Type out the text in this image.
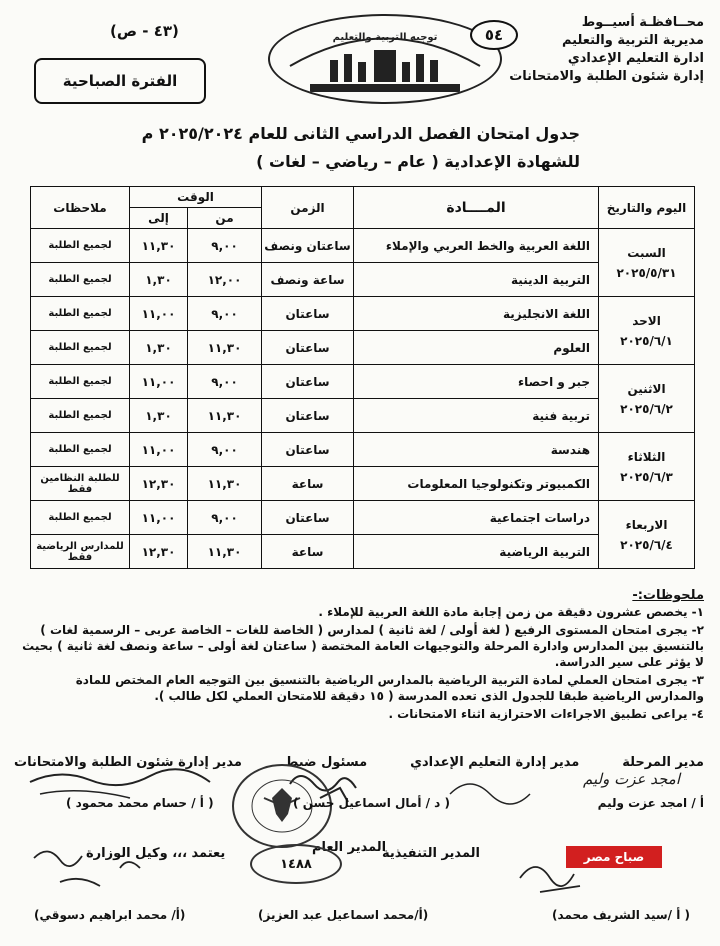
محــافظـة أسيــوط
مديرية التربية والتعليم
ادارة التعليم الإعدادي
إدارة شئون الطلبة والامتحانات
توجيه التربية والتعليم	٥٤
(٤٣ - ص)
الفترة الصباحية
جدول امتحان الفصل الدراسي الثانى للعام ٢٠٢٥/٢٠٢٤ م
للشهادة الإعدادية ( عام – رياضي – لغات )
اليوم والتاريخ	المــــادة	الزمن	الوقت		ملاحظات
			من	إلى	

السبت
٢٠٢٥/٥/٣١	اللغة العربية والخط العربي والإملاء	ساعتان ونصف	٩,٠٠	١١,٣٠	لجميع الطلبة
	التربية الدينية	ساعة ونصف	١٢,٠٠	١,٣٠	لجميع الطلبة

الاحد
٢٠٢٥/٦/١	اللغة الانجليزية	ساعتان	٩,٠٠	١١,٠٠	لجميع الطلبة
	العلوم	ساعتان	١١,٣٠	١,٣٠	لجميع الطلبة

الاثنين
٢٠٢٥/٦/٢	جبر و احصاء	ساعتان	٩,٠٠	١١,٠٠	لجميع الطلبة
	تربية فنية	ساعتان	١١,٣٠	١,٣٠	لجميع الطلبة

الثلاثاء
٢٠٢٥/٦/٣	هندسة	ساعتان	٩,٠٠	١١,٠٠	لجميع الطلبة
	الكمبيوتر وتكنولوجيا المعلومات	ساعة	١١,٣٠	١٢,٣٠	للطلبة النظامين فقط

الاربعاء
٢٠٢٥/٦/٤	دراسات اجتماعية	ساعتان	٩,٠٠	١١,٠٠	لجميع الطلبة
	التربية الرياضية	ساعة	١١,٣٠	١٢,٣٠	للمدارس الرياضية فقط
ملحوظات:-

١- يخصص عشرون دقيقة من زمن إجابة مادة اللغة العربية للإملاء .

٢- يجرى امتحان المستوى الرفيع ( لغة أولى / لغة ثانية ) لمدارس ( الخاصة للغات – الخاصة عربى – الرسمية لغات ) بالتنسيق بين المدارس وادارة المرحلة والتوجيهات العامة المختصة ( ساعتان لغة أولى – ساعة ونصف لغة ثانية ) بحيث لا يؤثر على سير الدراسة.

٣- يجرى امتحان العملي لمادة التربية الرياضية بالمدارس الرياضية بالتنسيق بين التوجيه العام المختص للمادة والمدارس الرياضية طبقا للجدول الذى تعده المدرسة ( ١٥ دقيقة للامتحان العملي لكل طالب ).

٤- يراعى تطبيق الاجراءات الاحترازية اثناء الامتحانات .

مدير المرحلة
مدير إدارة التعليم الإعدادي
مسئول ضبط
مدير إدارة شئون الطلبة والامتحانات
امجد عزت وليم
أ / امجد عزت وليم
( د / أمال اسماعيل حسن )
( أ / حسام محمد محمود )
المدير التنفيذية
المدير العام
يعتمد ،،، وكيل الوزارة
١٤٨٨	صباح مصر
( أ /سيد الشريف محمد)
(أ/محمد اسماعيل عبد العزيز)
(أ/ محمد ابراهيم دسوقي)
